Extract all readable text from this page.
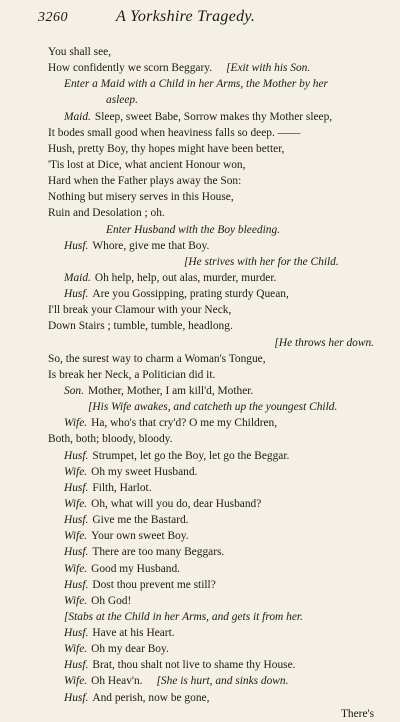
3260	A Yorkshire Tragedy.
You shall see,
How confidently we scorn Beggary. [Exit with his Son.
Enter a Maid with a Child in her Arms, the Mother by her
asleep.
Maid. Sleep, sweet Babe, Sorrow makes thy Mother sleep,
It bodes small good when heaviness falls so deep. ——
Hush, pretty Boy, thy hopes might have been better,
'Tis lost at Dice, what ancient Honour won,
Hard when the Father plays away the Son:
Nothing but misery serves in this House,
Ruin and Desolation ; oh.
Enter Husband with the Boy bleeding.
Husf. Whore, give me that Boy.
[He strives with her for the Child.
Maid. Oh help, help, out alas, murder, murder.
Husf. Are you Gossipping, prating sturdy Quean,
I'll break your Clamour with your Neck,
Down Stairs ; tumble, tumble, headlong.
[He throws her down.
So, the surest way to charm a Woman's Tongue,
Is break her Neck, a Politician did it.
Son. Mother, Mother, I am kill'd, Mother.
[His Wife awakes, and catcheth up the youngest Child.
Wife. Ha, who's that cry'd? O me my Children,
Both, both; bloody, bloody.
Husf. Strumpet, let go the Boy, let go the Beggar.
Wife. Oh my sweet Husband.
Husf. Filth, Harlot.
Wife. Oh, what will you do, dear Husband?
Husf. Give me the Bastard.
Wife. Your own sweet Boy.
Husf. There are too many Beggars.
Wife. Good my Husband.
Husf. Dost thou prevent me still?
Wife. Oh God!
[Stabs at the Child in her Arms, and gets it from her.
Husf. Have at his Heart.
Wife. Oh my dear Boy.
Husf. Brat, thou shalt not live to shame thy House.
Wife. Oh Heav'n. [She is hurt, and sinks down.
Husf. And perish, now be gone,
There's
